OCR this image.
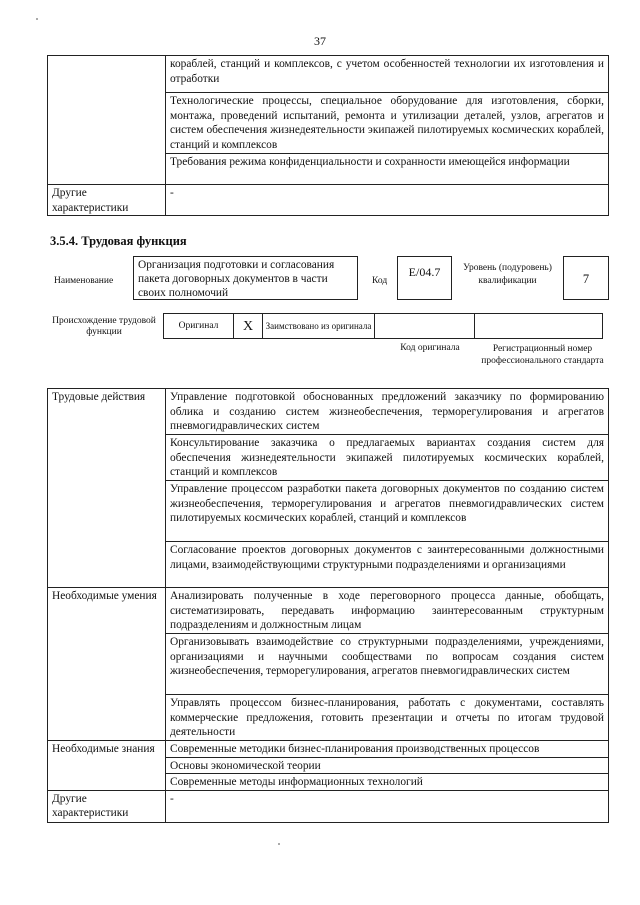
37
	кораблей, станций и комплексов, с учетом особенностей технологии их изготовления и отработки
	Технологические процессы, специальное оборудование для изготовления, сборки, монтажа, проведений испытаний, ремонта и утилизации деталей, узлов, агрегатов и систем обеспечения жизнедеятельности экипажей пилотируемых космических кораблей, станций и комплексов
	Требования режима конфиденциальности и сохранности имеющейся информации
Другие характеристики	-
3.5.4. Трудовая функция
Наименование
Организация подготовки и согласования пакета договорных документов в части своих полномочий
Код
E/04.7	Уровень (подуровень) квалификации	7
Происхождение трудовой функции
Оригинал	X	Заимствовано из оригинала		
Код оригинала	Регистрационный номер профессионального стандарта
Трудовые действия	Управление подготовкой обоснованных предложений заказчику по формированию облика и созданию систем жизнеобеспечения, терморегулирования и агрегатов пневмогидравлических систем
	Консультирование заказчика о предлагаемых вариантах создания систем для обеспечения жизнедеятельности экипажей пилотируемых космических кораблей, станций и комплексов
	Управление процессом разработки пакета договорных документов по созданию систем жизнеобеспечения, терморегулирования и агрегатов пневмогидравлических систем пилотируемых космических кораблей, станций и комплексов
	Согласование проектов договорных документов с заинтересованными должностными лицами, взаимодействующими структурными подразделениями и организациями
Необходимые умения	Анализировать полученные в ходе переговорного процесса данные, обобщать, систематизировать, передавать информацию заинтересованным структурным подразделениям и должностным лицам
	Организовывать взаимодействие со структурными подразделениями, учреждениями, организациями и научными сообществами по вопросам создания систем жизнеобеспечения, терморегулирования, агрегатов пневмогидравлических систем
	Управлять процессом бизнес-планирования, работать с документами, составлять коммерческие предложения, готовить презентации и отчеты по итогам трудовой деятельности
Необходимые знания	Современные методики бизнес-планирования производственных процессов
	Основы экономической теории
	Современные методы информационных технологий
Другие характеристики	-
